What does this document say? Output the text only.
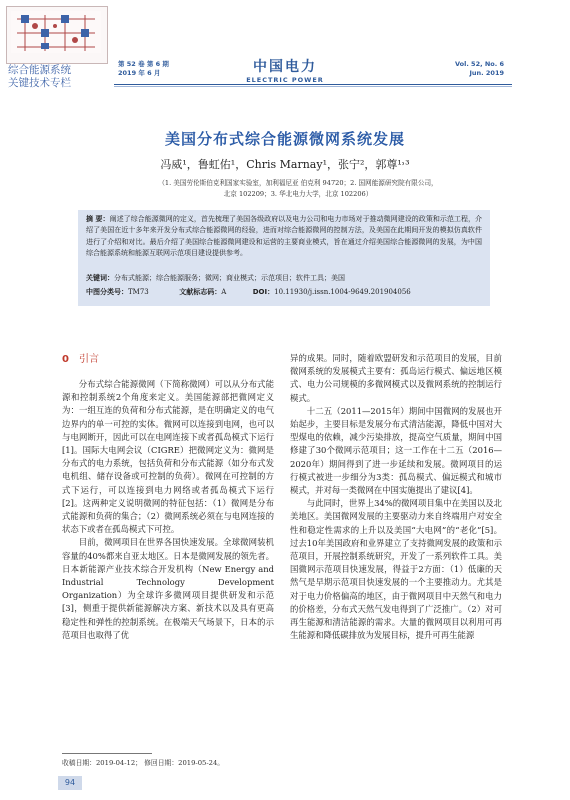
综合能源系统
关键技术专栏
第 52 卷 第 6 期
2019 年 6 月	中国电力
ELECTRIC POWER
Vol. 52, No. 6
Jun. 2019
美国分布式综合能源微网系统发展
冯威¹，鲁虹佑¹，Chris Marnay¹，张宁²，郭尊¹˒³
（1. 美国劳伦斯伯克利国家实验室，加利福尼亚 伯克利 94720；2. 国网能源研究院有限公司，
北京 102209；3. 华北电力大学，北京 102206）
摘 要：阐述了综合能源微网的定义，首先梳理了美国各级政府以及电力公司和电力市场对于推动微网建设的政策和示范工程，介绍了美国在近十多年来开发分布式综合能源微网的经验，进而对综合能源微网的控制方法，及美国在此期间开发的模拟仿真软件进行了介绍和对比。最后介绍了美国综合能源微网建设和运营的主要商业模式，旨在通过介绍美国综合能源微网的发展，为中国综合能源系统和能源互联网示范项目建设提供参考。
关键词：分布式能源；综合能源服务；微网；商业模式；示范项目；软件工具；美国
中图分类号：TM73	文献标志码：A	DOI：10.11930/j.issn.1004-9649.201904056
0 引言

分布式综合能源微网（下简称微网）可以从分布式能源和控制系统2个角度来定义。美国能源部把微网定义为：一组互连的负荷和分布式能源，是在明确定义的电气边界内的单一可控的实体。微网可以连接到电网，也可以与电网断开，因此可以在电网连接下或者孤岛模式下运行[1]。国际大电网会议（CIGRE）把微网定义为：微网是分布式的电力系统，包括负荷和分布式能源（如分布式发电机组、储存设备或可控制的负荷）。微网在可控制的方式下运行，可以连接到电力网络或者孤岛模式下运行[2]。这两种定义说明微网的特征包括：（1）微网是分布式能源和负荷的集合；（2）微网系统必须在与电网连接的状态下或者在孤岛模式下可控。

目前，微网项目在世界各国快速发展。全球微网装机容量的40%都来自亚太地区。日本是微网发展的领先者。日本新能源产业技术综合开发机构（New Energy and Industrial Technology Development Organization）为全球许多微网项目提供研发和示范[3]，侧重于提供新能源解决方案、新技术以及具有更高稳定性和弹性的控制系统。在极端天气场景下，日本的示范项目也取得了优

异的成果。同时，随着欧盟研发和示范项目的发展，目前微网系统的发展模式主要有：孤岛运行模式、偏远地区模式、电力公司规模的多微网模式以及微网系统的控制运行模式。

十二五（2011—2015年）期间中国微网的发展也开始起步，主要目标是发展分布式清洁能源，降低中国对大型煤电的依赖，减少污染排放，提高空气质量，期间中国修建了30个微网示范项目；这一工作在十二五（2016—2020年）期间得到了进一步延续和发展。微网项目的运行模式被进一步细分为3类：孤岛模式、偏远模式和城市模式，并对每一类微网在中国实施提出了建议[4]。

与此同时，世界上34%的微网项目集中在美国以及北美地区。美国微网发展的主要驱动力来自终端用户对安全性和稳定性需求的上升以及美国“大电网”的“老化”[5]。过去10年美国政府和业界建立了支持微网发展的政策和示范项目，开展控制系统研究，开发了一系列软件工具。美国微网示范项目快速发展，得益于2方面：（1）低廉的天然气是早期示范项目快速发展的一个主要推动力。尤其是对于电力价格偏高的地区，由于微网项目中天然气和电力的价格差，分布式天然气发电得到了广泛推广。（2）对可再生能源和清洁能源的需求。大量的微网项目以利用可再生能源和降低碳排放为发展目标，提升可再生能源

收稿日期：2019-04-12； 修回日期：2019-05-24。
94
